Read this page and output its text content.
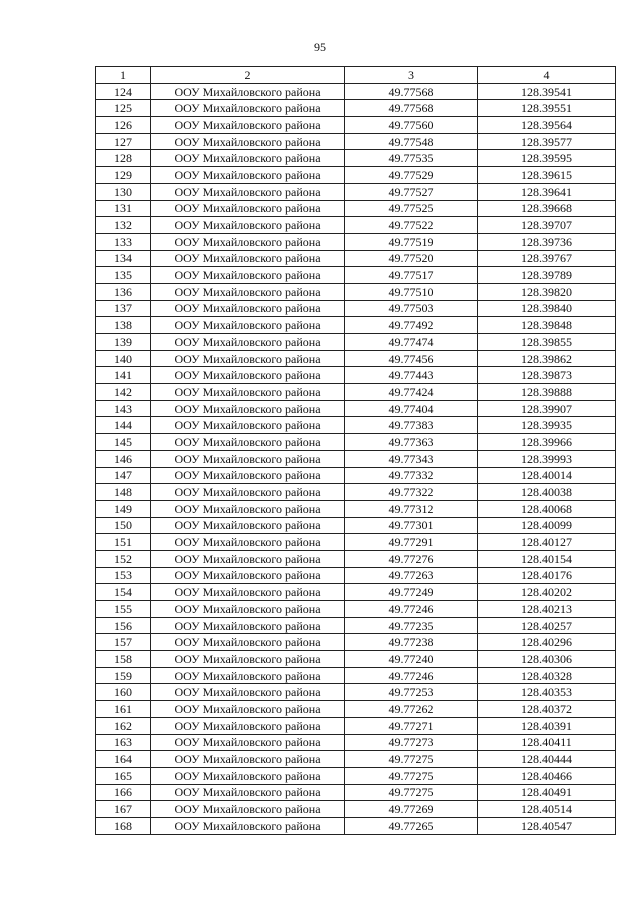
95
1	2	3	4
124	ООУ Михайловского района	49.77568	128.39541
125	ООУ Михайловского района	49.77568	128.39551
126	ООУ Михайловского района	49.77560	128.39564
127	ООУ Михайловского района	49.77548	128.39577
128	ООУ Михайловского района	49.77535	128.39595
129	ООУ Михайловского района	49.77529	128.39615
130	ООУ Михайловского района	49.77527	128.39641
131	ООУ Михайловского района	49.77525	128.39668
132	ООУ Михайловского района	49.77522	128.39707
133	ООУ Михайловского района	49.77519	128.39736
134	ООУ Михайловского района	49.77520	128.39767
135	ООУ Михайловского района	49.77517	128.39789
136	ООУ Михайловского района	49.77510	128.39820
137	ООУ Михайловского района	49.77503	128.39840
138	ООУ Михайловского района	49.77492	128.39848
139	ООУ Михайловского района	49.77474	128.39855
140	ООУ Михайловского района	49.77456	128.39862
141	ООУ Михайловского района	49.77443	128.39873
142	ООУ Михайловского района	49.77424	128.39888
143	ООУ Михайловского района	49.77404	128.39907
144	ООУ Михайловского района	49.77383	128.39935
145	ООУ Михайловского района	49.77363	128.39966
146	ООУ Михайловского района	49.77343	128.39993
147	ООУ Михайловского района	49.77332	128.40014
148	ООУ Михайловского района	49.77322	128.40038
149	ООУ Михайловского района	49.77312	128.40068
150	ООУ Михайловского района	49.77301	128.40099
151	ООУ Михайловского района	49.77291	128.40127
152	ООУ Михайловского района	49.77276	128.40154
153	ООУ Михайловского района	49.77263	128.40176
154	ООУ Михайловского района	49.77249	128.40202
155	ООУ Михайловского района	49.77246	128.40213
156	ООУ Михайловского района	49.77235	128.40257
157	ООУ Михайловского района	49.77238	128.40296
158	ООУ Михайловского района	49.77240	128.40306
159	ООУ Михайловского района	49.77246	128.40328
160	ООУ Михайловского района	49.77253	128.40353
161	ООУ Михайловского района	49.77262	128.40372
162	ООУ Михайловского района	49.77271	128.40391
163	ООУ Михайловского района	49.77273	128.40411
164	ООУ Михайловского района	49.77275	128.40444
165	ООУ Михайловского района	49.77275	128.40466
166	ООУ Михайловского района	49.77275	128.40491
167	ООУ Михайловского района	49.77269	128.40514
168	ООУ Михайловского района	49.77265	128.40547
